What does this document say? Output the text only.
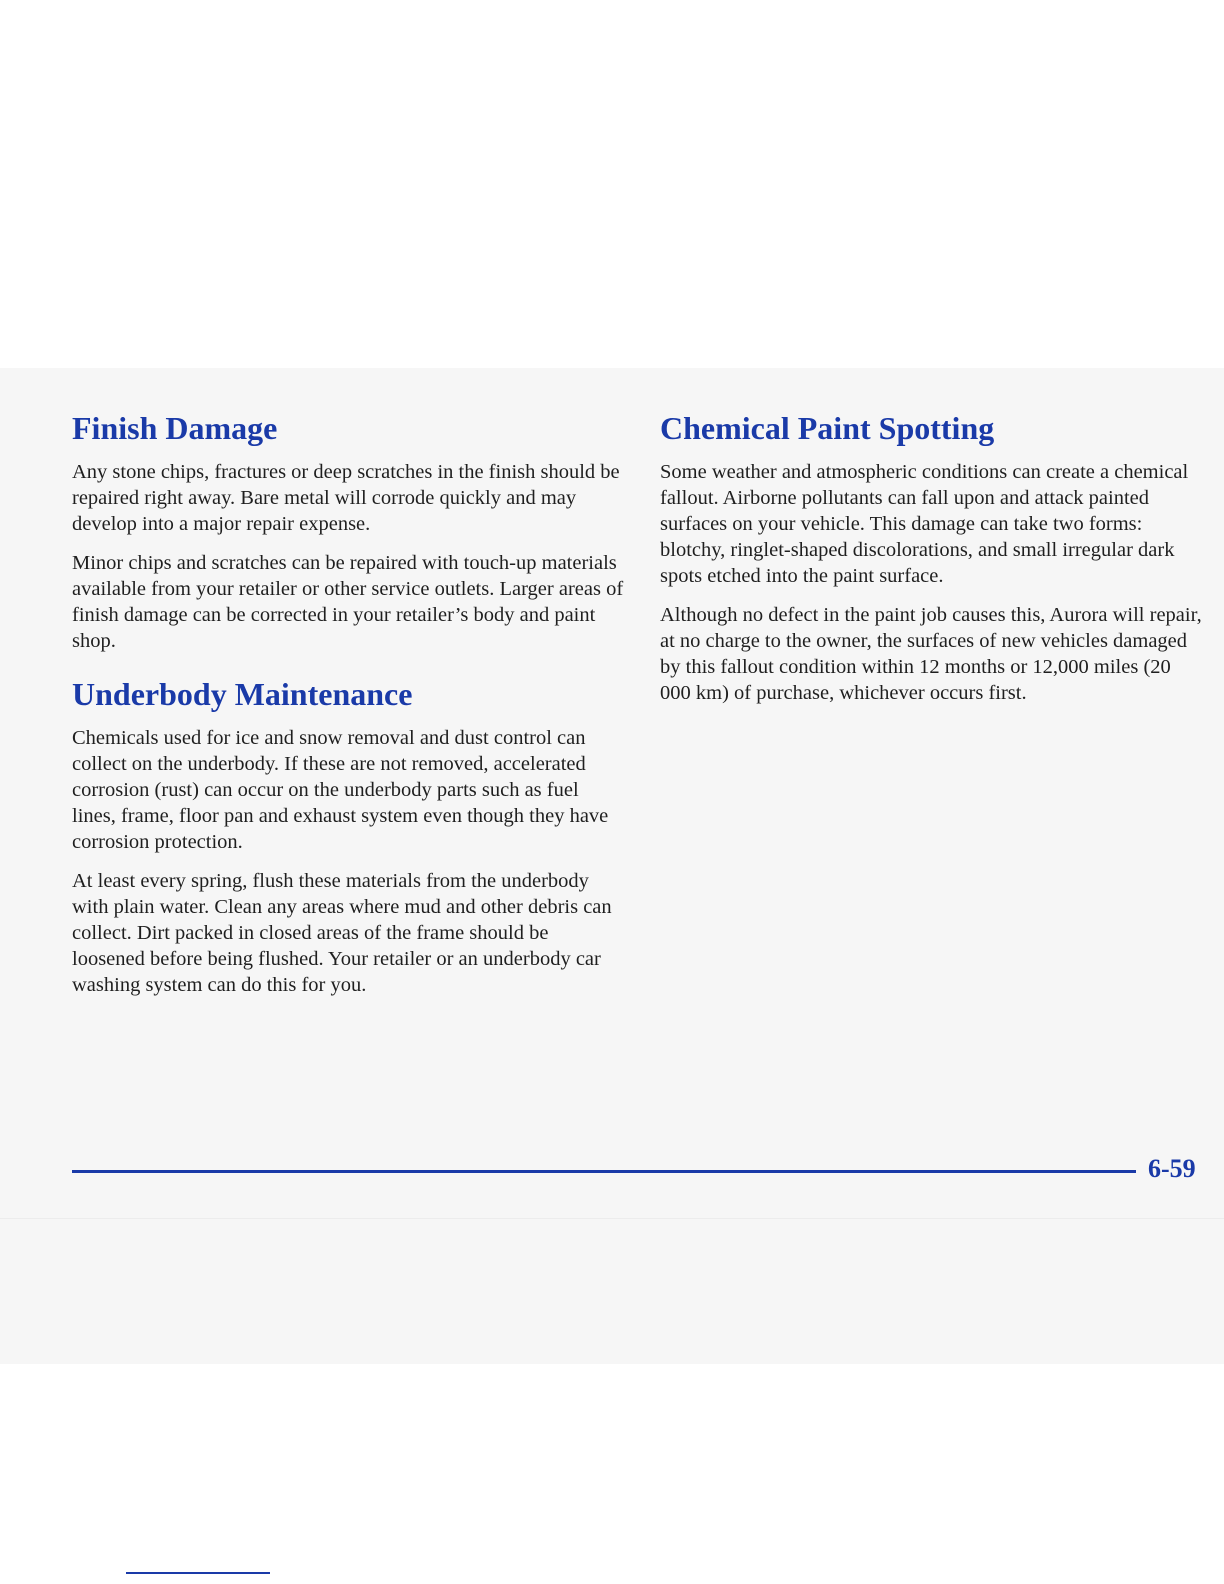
Finish Damage

Any stone chips, fractures or deep scratches in the finish should be repaired right away. Bare metal will corrode quickly and may develop into a major repair expense.

Minor chips and scratches can be repaired with touch-up materials available from your retailer or other service outlets. Larger areas of finish damage can be corrected in your retailer’s body and paint shop.

Underbody Maintenance

Chemicals used for ice and snow removal and dust control can collect on the underbody. If these are not removed, accelerated corrosion (rust) can occur on the underbody parts such as fuel lines, frame, floor pan and exhaust system even though they have corrosion protection.

At least every spring, flush these materials from the underbody with plain water. Clean any areas where mud and other debris can collect. Dirt packed in closed areas of the frame should be loosened before being flushed. Your retailer or an underbody car washing system can do this for you.

Chemical Paint Spotting

Some weather and atmospheric conditions can create a chemical fallout. Airborne pollutants can fall upon and attack painted surfaces on your vehicle. This damage can take two forms: blotchy, ringlet-shaped discolorations, and small irregular dark spots etched into the paint surface.

Although no defect in the paint job causes this, Aurora will repair, at no charge to the owner, the surfaces of new vehicles damaged by this fallout condition within 12 months or 12,000 miles (20 000 km) of purchase, whichever occurs first.

6-59
